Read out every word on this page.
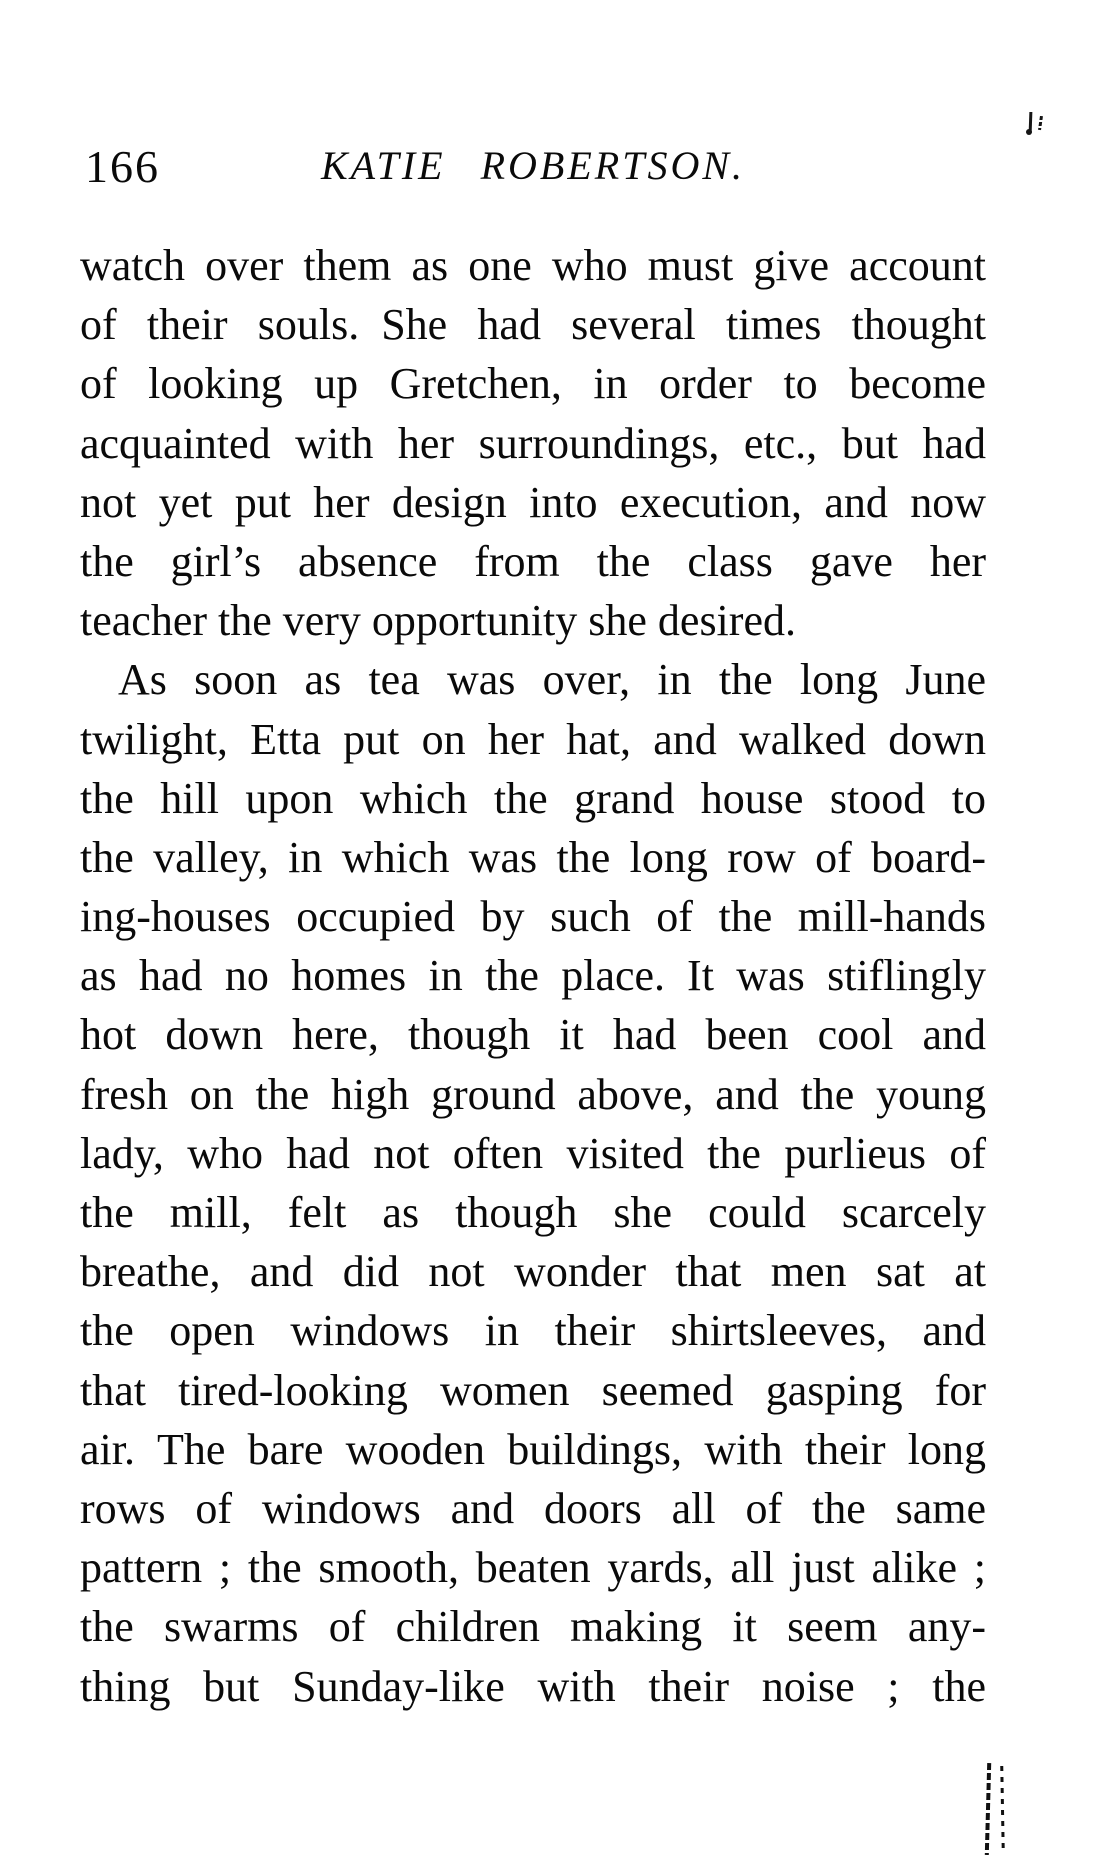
166	KATIE ROBERTSON.
watch over them as one who must give account
of their souls. She had several times thought
of looking up Gretchen, in order to become
acquainted with her surroundings, etc., but had
not yet put her design into execution, and now
the girl’s absence from the class gave her
teacher the very opportunity she desired.
As soon as tea was over, in the long June
twilight, Etta put on her hat, and walked down
the hill upon which the grand house stood to
the valley, in which was the long row of board-
ing-houses occupied by such of the mill-hands
as had no homes in the place. It was stiflingly
hot down here, though it had been cool and
fresh on the high ground above, and the young
lady, who had not often visited the purlieus of
the mill, felt as though she could scarcely
breathe, and did not wonder that men sat at
the open windows in their shirtsleeves, and
that tired-looking women seemed gasping for
air. The bare wooden buildings, with their long
rows of windows and doors all of the same
pattern ; the smooth, beaten yards, all just alike ;
the swarms of children making it seem any-
thing but Sunday-like with their noise ; the
